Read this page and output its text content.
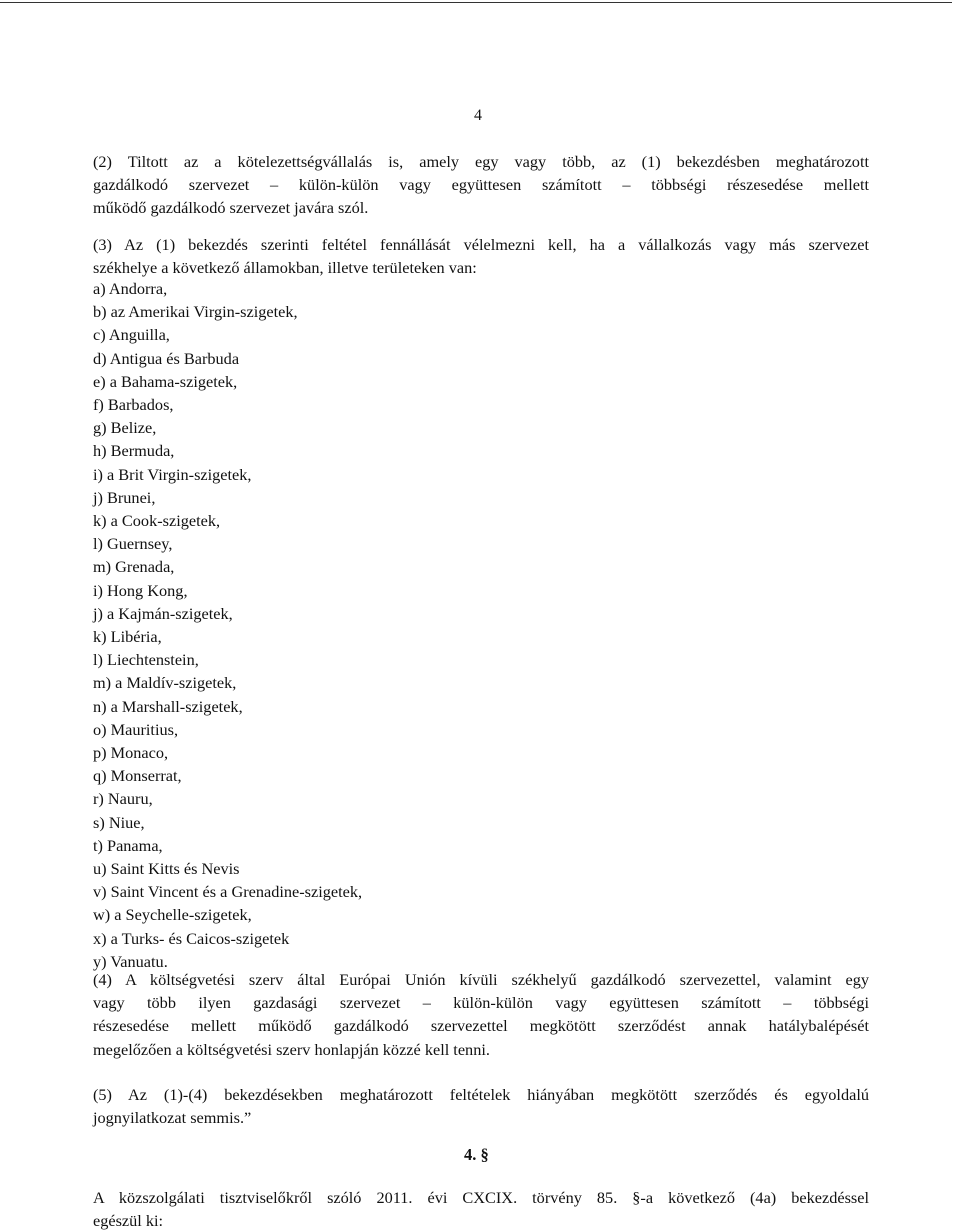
4
(2) Tiltott az a kötelezettségvállalás is, amely egy vagy több, az (1) bekezdésben meghatározott
gazdálkodó szervezet – külön-külön vagy együttesen számított – többségi részesedése mellett
működő gazdálkodó szervezet javára szól.
(3) Az (1) bekezdés szerinti feltétel fennállását vélelmezni kell, ha a vállalkozás vagy más szervezet
székhelye a következő államokban, illetve területeken van:
a) Andorra,
b) az Amerikai Virgin-szigetek,
c) Anguilla,
d) Antigua és Barbuda
e) a Bahama-szigetek,
f) Barbados,
g) Belize,
h) Bermuda,
i) a Brit Virgin-szigetek,
j) Brunei,
k) a Cook-szigetek,
l) Guernsey,
m) Grenada,
i) Hong Kong,
j) a Kajmán-szigetek,
k) Libéria,
l) Liechtenstein,
m) a Maldív-szigetek,
n) a Marshall-szigetek,
o) Mauritius,
p) Monaco,
q) Monserrat,
r) Nauru,
s) Niue,
t) Panama,
u) Saint Kitts és Nevis
v) Saint Vincent és a Grenadine-szigetek,
w) a Seychelle-szigetek,
x) a Turks- és Caicos-szigetek
y) Vanuatu.
(4) A költségvetési szerv által Európai Unión kívüli székhelyű gazdálkodó szervezettel, valamint egy
vagy több ilyen gazdasági szervezet – külön-külön vagy együttesen számított – többségi
részesedése mellett működő gazdálkodó szervezettel megkötött szerződést annak hatálybalépését
megelőzően a költségvetési szerv honlapján közzé kell tenni.
(5) Az (1)-(4) bekezdésekben meghatározott feltételek hiányában megkötött szerződés és egyoldalú
jognyilatkozat semmis.”
4. §
A közszolgálati tisztviselőkről szóló 2011. évi CXCIX. törvény 85. §-a következő (4a) bekezdéssel
egészül ki:
